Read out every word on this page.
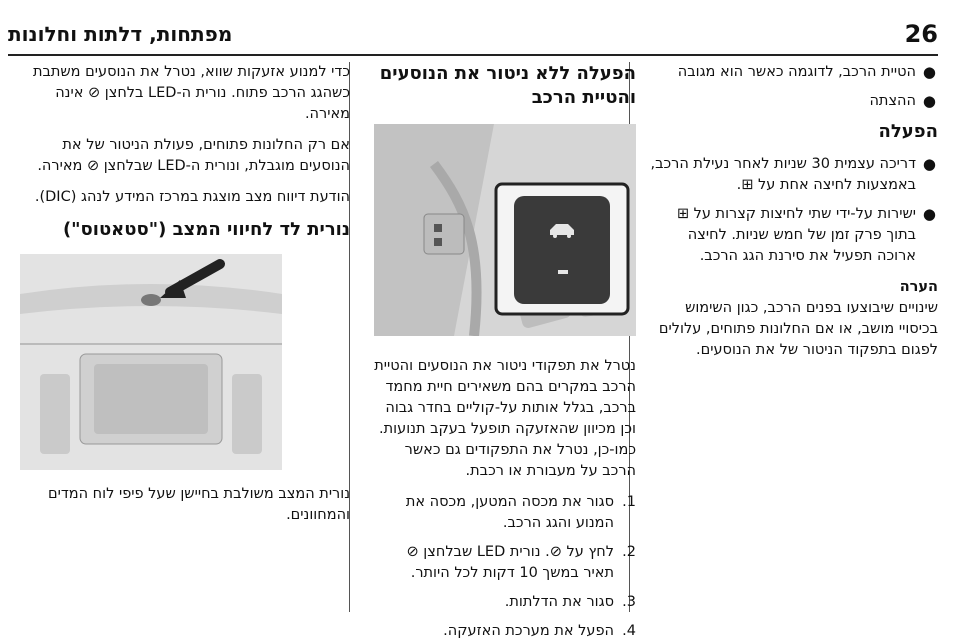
26
מפתחות, דלתות וחלונות
●
הטיית הרכב, לדוגמה כאשר הוא מגובה
●
ההצתה
הפעלה
●
דריכה עצמית 30 שניות לאחר נעילת הרכב, באמצעות לחיצה אחת על ⊞.
●
ישירות על-ידי שתי לחיצות קצרות על ⊞ בתוך פרק זמן של חמש שניות. לחיצה ארוכה תפעיל את סירנת הגג הרכב.
הערה
שינויים שיבוצעו בפנים הרכב, כגון השימוש בכיסויי מושב, או אם החלונות פתוחים, עלולים לפגום בתפקוד הניטור של את הנוסעים.
הפעלה ללא ניטור את הנוסעים והטיית הרכב

נטרל את תפקודי ניטור את הנוסעים והטיית הרכב במקרים בהם משאירים חיית מחמד ברכב, בגלל אותות על-קוליים בחדר גבוה וכן מכיוון שהאזעקה תופעל בעקב תנועות. כמו-כן, נטרל את התפקודים גם כאשר הרכב על מעבורת או רכבת.

1.
סגור את מכסה המטען, מכסה את המנוע והגג הרכב.
2.
לחץ על ⊘. נורית LED שבלחצן ⊘ תאיר במשך 10 דקות לכל היותר.
3.
סגור את הדלתות.
4.
הפעל את מערכת האזעקה.

כדי למנוע אזעקות שווא, נטרל את הנוסעים משתבת כשהגג הרכב פתוח. נורית ה-LED בלחצן ⊘ אינה מאירה.

אם רק החלונות פתוחים, פעולת הניטור של את הנוסעים מוגבלת, ונורית ה-LED שבלחצן ⊘ מאירה.

הודעת דיווח מצב מוצגת במרכז המידע לנהג (DIC).

נורית לד לחיווי המצב ("סטאטוס")

נורית המצב משולבת בחיישן שעל פיפי לוח המדים והמחוונים.
